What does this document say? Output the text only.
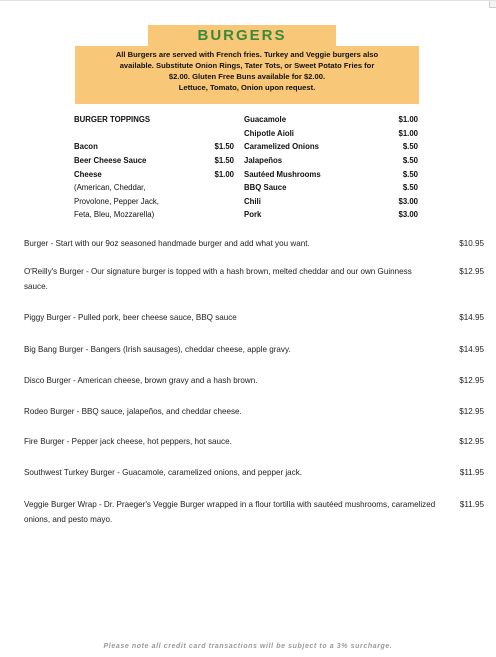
BURGERS
All Burgers are served with French fries. Turkey and Veggie burgers also
available. Substitute Onion Rings, Tater Tots, or Sweet Potato Fries for
$2.00. Gluten Free Buns available for $2.00.
Lettuce, Tomato, Onion upon request.
BURGER TOPPINGS
Bacon	$1.50
Beer Cheese Sauce	$1.50
Cheese	$1.00
(American, Cheddar,
Provolone, Pepper Jack,
Feta, Bleu, Mozzarella)
Guacamole	$1.00
Chipotle Aioli	$1.00
Caramelized Onions	$.50
Jalapeños	$.50
Sautéed Mushrooms	$.50
BBQ Sauce	$.50
Chili	$3.00
Pork	$3.00
Burger - Start with our 9oz seasoned handmade burger and add what you want.	$10.95
O'Reilly's Burger - Our signature burger is topped with a hash brown, melted cheddar and our own Guinness sauce.
$12.95
Piggy Burger - Pulled pork, beer cheese sauce, BBQ sauce	$14.95
Big Bang Burger - Bangers (Irish sausages), cheddar cheese, apple gravy.	$14.95
Disco Burger - American cheese, brown gravy and a hash brown.	$12.95
Rodeo Burger - BBQ sauce, jalapeños, and cheddar cheese.	$12.95
Fire Burger - Pepper jack cheese, hot peppers, hot sauce.	$12.95
Southwest Turkey Burger - Guacamole, caramelized onions, and pepper jack.	$11.95
Veggie Burger Wrap - Dr. Praeger's Veggie Burger wrapped in a flour tortilla with sautéed mushrooms, caramelized onions, and pesto mayo.
$11.95
Please note all credit card transactions will be subject to a 3% surcharge.
